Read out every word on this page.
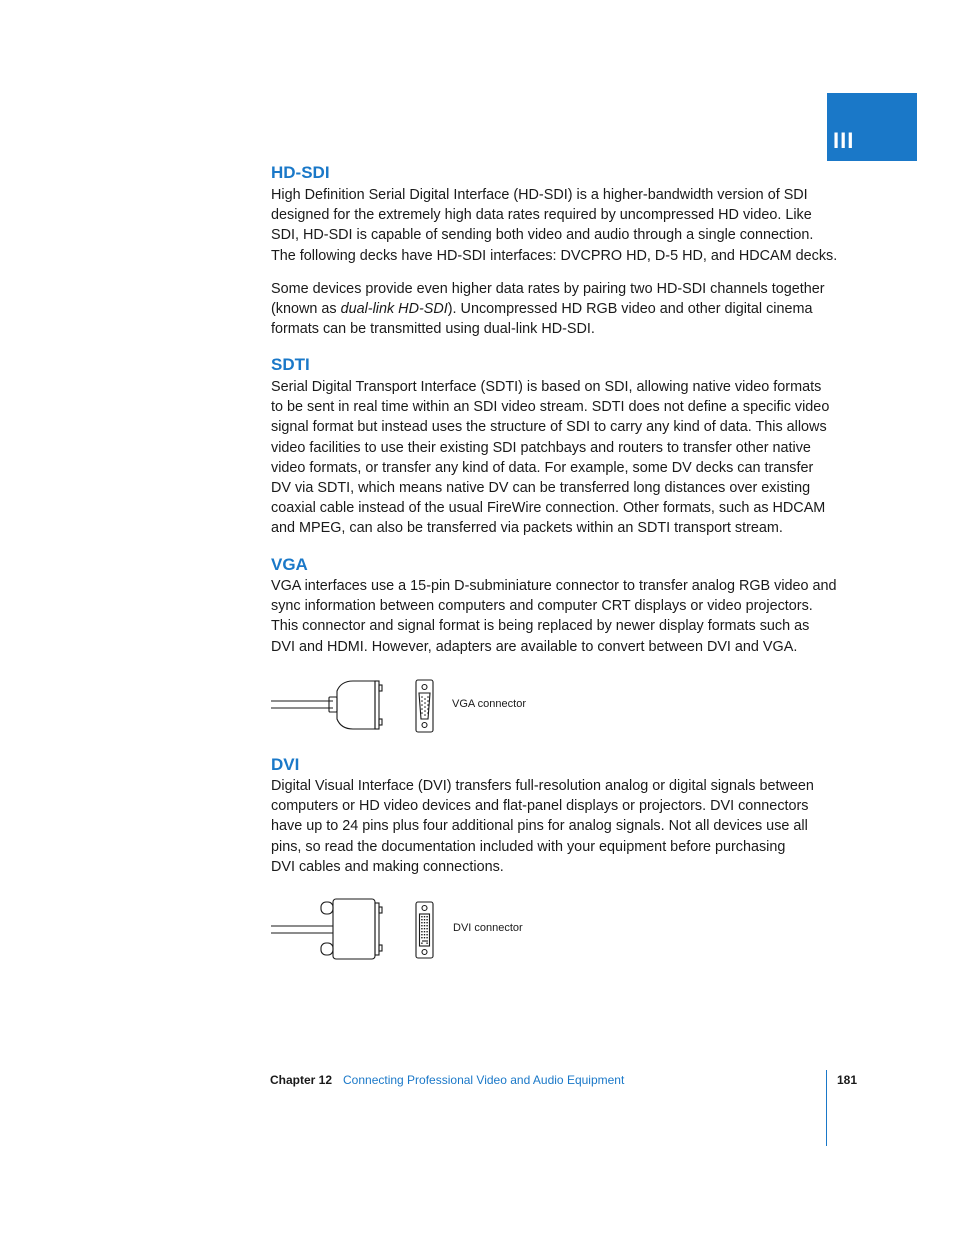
III
HD-SDI

High Definition Serial Digital Interface (HD-SDI) is a higher-bandwidth version of SDI
designed for the extremely high data rates required by uncompressed HD video. Like
SDI, HD-SDI is capable of sending both video and audio through a single connection.
The following decks have HD-SDI interfaces: DVCPRO HD, D-5 HD, and HDCAM decks.

Some devices provide even higher data rates by pairing two HD-SDI channels together
(known as dual-link HD-SDI). Uncompressed HD RGB video and other digital cinema
formats can be transmitted using dual-link HD-SDI.

SDTI

Serial Digital Transport Interface (SDTI) is based on SDI, allowing native video formats
to be sent in real time within an SDI video stream. SDTI does not define a specific video
signal format but instead uses the structure of SDI to carry any kind of data. This allows
video facilities to use their existing SDI patchbays and routers to transfer other native
video formats, or transfer any kind of data. For example, some DV decks can transfer
DV via SDTI, which means native DV can be transferred long distances over existing
coaxial cable instead of the usual FireWire connection. Other formats, such as HDCAM
and MPEG, can also be transferred via packets within an SDTI transport stream.

VGA

VGA interfaces use a 15-pin D-subminiature connector to transfer analog RGB video and
sync information between computers and computer CRT displays or video projectors.
This connector and signal format is being replaced by newer display formats such as
DVI and HDMI. However, adapters are available to convert between DVI and VGA.

VGA connector
DVI

Digital Visual Interface (DVI) transfers full-resolution analog or digital signals between
computers or HD video devices and flat-panel displays or projectors. DVI connectors
have up to 24 pins plus four additional pins for analog signals. Not all devices use all
pins, so read the documentation included with your equipment before purchasing
DVI cables and making connections.

DVI connector
Chapter 12 Connecting Professional Video and Audio Equipment	181
